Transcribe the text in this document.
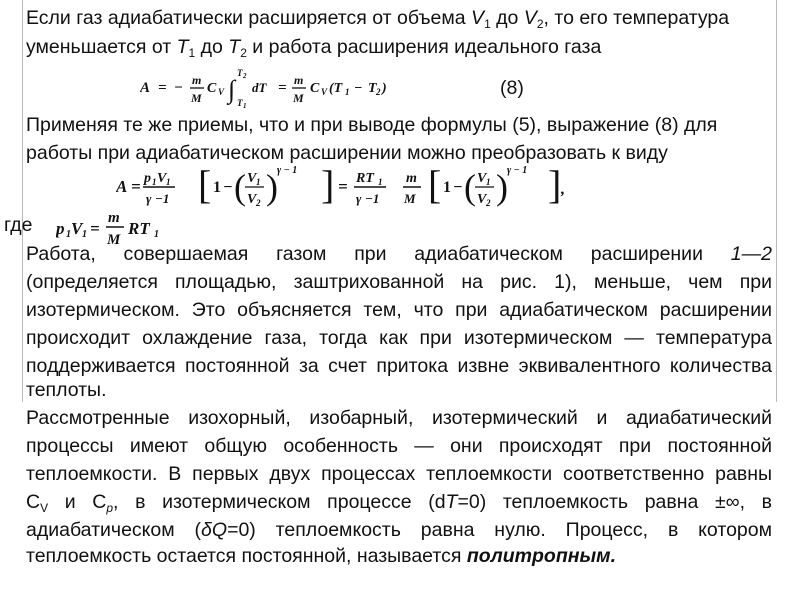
Если газ адиабатически расширяется от объема $V_1$ до $V_2$, то его температура
уменьшается от $T_1$ до $T_2$ и работа расширения идеального газа
A = − m
M
C V ∫
T 2
T 1
dT = m
M
C V (T 1 − T 2 )	(8)
Применяя те же приемы, что и при выводе формулы (5), выражение (8) для
работы при адиабатическом расширении можно преобразовать к виду
A = p 1 V 1
γ −1 [ 1 − ( V 1
V 2 ) γ − 1 ] = RT 1
γ −1
m
M [ 1 − ( V 1
V 2 ) γ − 1 ] ,
где p 1 V 1 =
m
M
RT 1
Работа, совершаемая газом при адиабатическом расширении 1—2
(определяется площадью, заштрихованной на рис. 1), меньше, чем при
изотермическом. Это объясняется тем, что при адиабатическом расширении
происходит охлаждение газа, тогда как при изотермическом — температура
поддерживается постоянной за счет притока извне эквивалентного количества
теплоты.
Рассмотренные изохорный, изобарный, изотермический и адиабатический
процессы имеют общую особенность — они происходят при постоянной
теплоемкости. В первых двух процессах теплоемкости соответственно равны
$C_V$ и $C_p$, в изотермическом процессе (dT=0) теплоемкость равна ±∞, в
адиабатическом (δQ=0) теплоемкость равна нулю. Процесс, в котором
теплоемкость остается постоянной, называется политропным.
